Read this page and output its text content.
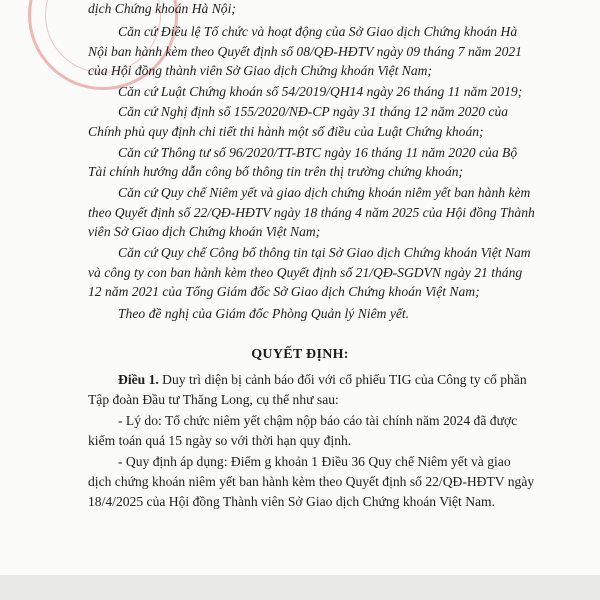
dịch Chứng khoán Hà Nội;
Căn cứ Điều lệ Tổ chức và hoạt động của Sở Giao dịch Chứng khoán Hà
Nội ban hành kèm theo Quyết định số 08/QĐ-HĐTV ngày 09 tháng 7 năm 2021
của Hội đồng thành viên Sở Giao dịch Chứng khoán Việt Nam;
Căn cứ Luật Chứng khoán số 54/2019/QH14 ngày 26 tháng 11 năm 2019;
Căn cứ Nghị định số 155/2020/NĐ-CP ngày 31 tháng 12 năm 2020 của
Chính phủ quy định chi tiết thi hành một số điều của Luật Chứng khoán;
Căn cứ Thông tư số 96/2020/TT-BTC ngày 16 tháng 11 năm 2020 của Bộ
Tài chính hướng dẫn công bố thông tin trên thị trường chứng khoán;
Căn cứ Quy chế Niêm yết và giao dịch chứng khoán niêm yết ban hành kèm
theo Quyết định số 22/QĐ-HĐTV ngày 18 tháng 4 năm 2025 của Hội đồng Thành
viên Sở Giao dịch Chứng khoán Việt Nam;
Căn cứ Quy chế Công bố thông tin tại Sở Giao dịch Chứng khoán Việt Nam
và công ty con ban hành kèm theo Quyết định số 21/QĐ-SGDVN ngày 21 tháng
12 năm 2021 của Tổng Giám đốc Sở Giao dịch Chứng khoán Việt Nam;
Theo đề nghị của Giám đốc Phòng Quản lý Niêm yết.
QUYẾT ĐỊNH:
Điều 1. Duy trì diện bị cảnh báo đối với cổ phiếu TIG của Công ty cổ phần
Tập đoàn Đầu tư Thăng Long, cụ thể như sau:
- Lý do: Tổ chức niêm yết chậm nộp báo cáo tài chính năm 2024 đã được
kiểm toán quá 15 ngày so với thời hạn quy định.
- Quy định áp dụng: Điểm g khoản 1 Điều 36 Quy chế Niêm yết và giao
dịch chứng khoán niêm yết ban hành kèm theo Quyết định số 22/QĐ-HĐTV ngày
18/4/2025 của Hội đồng Thành viên Sở Giao dịch Chứng khoán Việt Nam.
